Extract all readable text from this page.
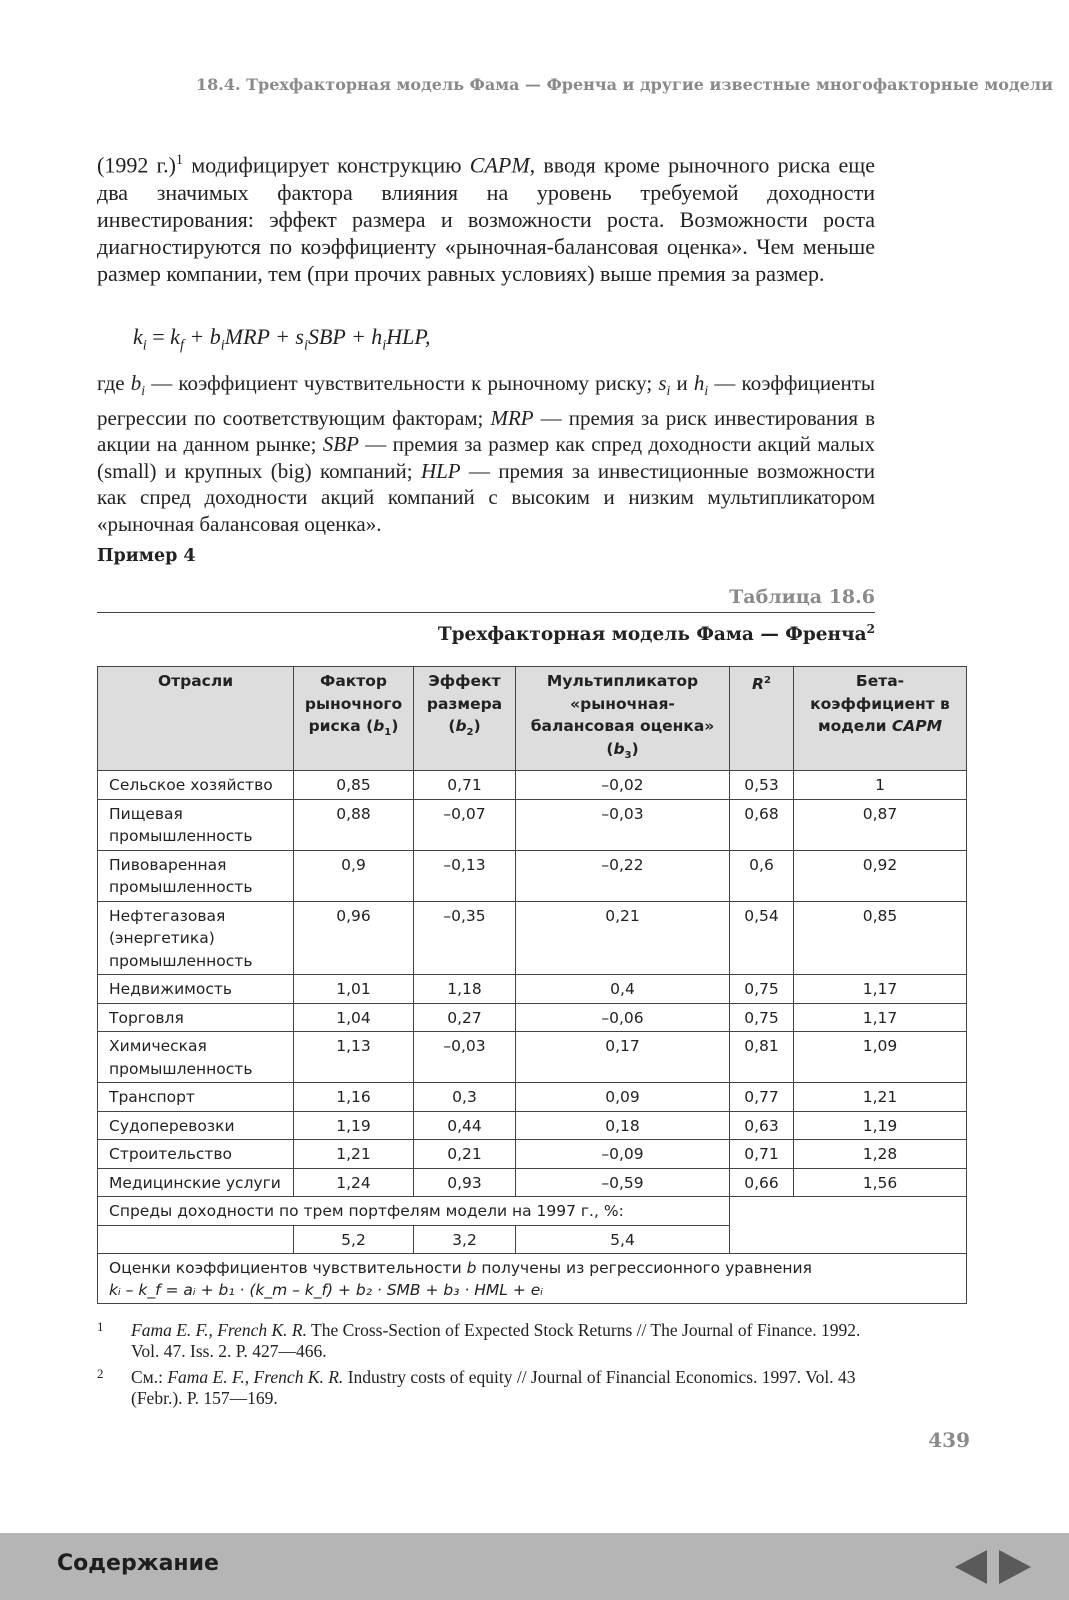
18.4. Трехфакторная модель Фама — Френча и другие известные многофакторные модели
(1992 г.)$^1$ модифицирует конструкцию CAPM, вводя кроме рыночного риска еще два значимых фактора влияния на уровень требуемой доходности инвестирования: эффект размера и возможности роста. Возможности роста диагностируются по коэффициенту «рыночная-балансовая оценка». Чем меньше размер компании, тем (при прочих равных условиях) выше премия за размер.
$k_i = k_f + b_iMRP + s_iSBP + h_iHLP$,
где $b_i$ — коэффициент чувствительности к рыночному риску; $s_i$ и $h_i$ — коэффициенты регрессии по соответствующим факторам; MRP — премия за риск инвестирования в акции на данном рынке; SBP — премия за размер как спред доходности акций малых (small) и крупных (big) компаний; HLP — премия за инвестиционные возможности как спред доходности акций компаний с высоким и низким мультипликатором «рыночная балансовая оценка».
Пример 4
Таблица 18.6
Трехфакторная модель Фама — Френча$^2$
Отрасли	Фактор рыночного риска $(b_1)$	Эффект размера $(b_2)$	Мультипликатор «рыночная-балансовая оценка» $(b_3)$	$R^2$	Бета-коэффициент в модели CAPM
Сельское хозяйство	0,85	0,71	–0,02	0,53	1
Пищевая промышленность	0,88	–0,07	–0,03	0,68	0,87
Пивоваренная промышленность	0,9	–0,13	–0,22	0,6	0,92
Нефтегазовая (энергетика) промышленность	0,96	–0,35	0,21	0,54	0,85
Недвижимость	1,01	1,18	0,4	0,75	1,17
Торговля	1,04	0,27	–0,06	0,75	1,17
Химическая промышленность	1,13	–0,03	0,17	0,81	1,09
Транспорт	1,16	0,3	0,09	0,77	1,21
Судоперевозки	1,19	0,44	0,18	0,63	1,19
Строительство	1,21	0,21	–0,09	0,71	1,28
Медицинские услуги	1,24	0,93	–0,59	0,66	1,56
Спреды доходности по трем портфелям модели на 1997 г., %:					
	5,2	3,2	5,4		
Оценки коэффициентов чувствительности b получены из регрессионного уравнения
kᵢ – k_f = aᵢ + b₁ · (k_m – k_f) + b₂ · SMB + b₃ · HML + eᵢ					
1 Fama E. F., French K. R. The Cross-Section of Expected Stock Returns // The Journal of Finance. 1992. Vol. 47. Iss. 2. P. 427—466.
2 См.: Fama E. F., French K. R. Industry costs of equity // Journal of Financial Economics. 1997. Vol. 43 (Febr.). P. 157—169.
439
Содержание
